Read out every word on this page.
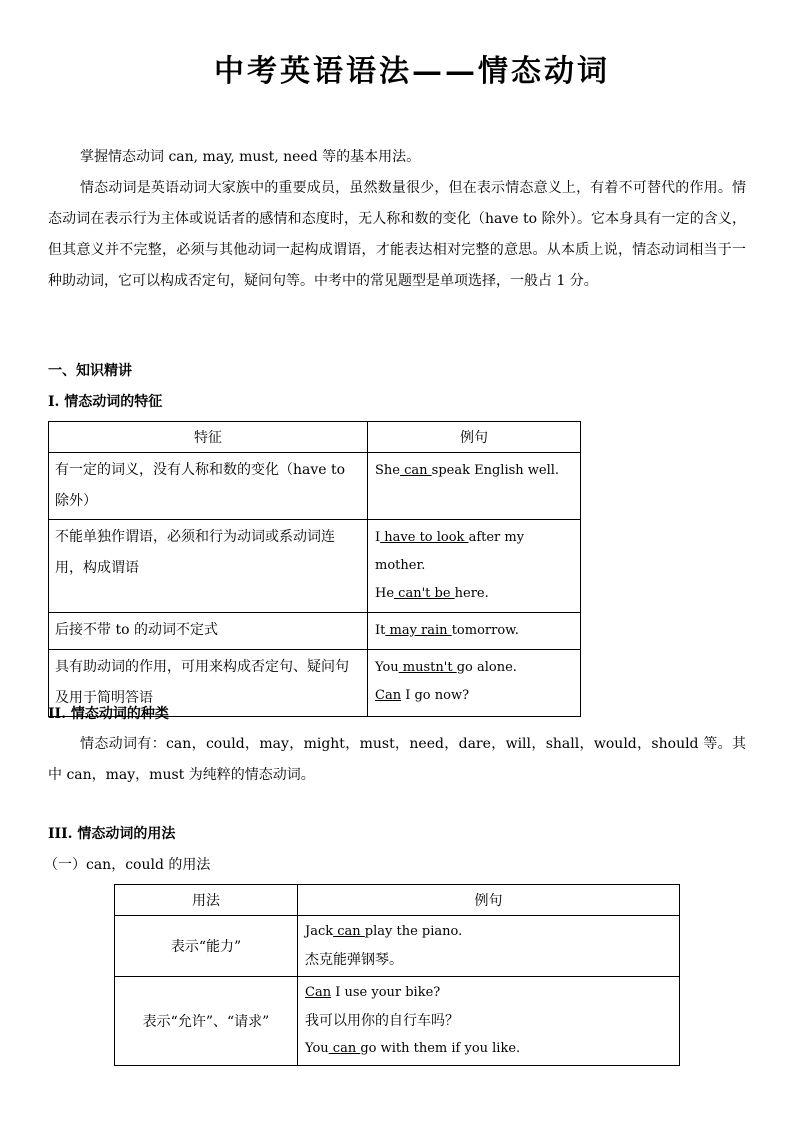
中考英语语法——情态动词

掌握情态动词 can, may, must, need 等的基本用法。

情态动词是英语动词大家族中的重要成员，虽然数量很少，但在表示情态意义上，有着不可替代的作用。情态动词在表示行为主体或说话者的感情和态度时，无人称和数的变化（have to 除外）。它本身具有一定的含义，但其意义并不完整，必须与其他动词一起构成谓语，才能表达相对完整的意思。从本质上说，情态动词相当于一种助动词，它可以构成否定句，疑问句等。中考中的常见题型是单项选择，一般占 1 分。

一、知识精讲

I. 情态动词的特征

特征	例句
有一定的词义，没有人称和数的变化（have to 除外）	She can speak English well.
不能单独作谓语，必须和行为动词或系动词连用，构成谓语	I have to look after my mother.
He can't be here.

后接不带 to 的动词不定式	It may rain tomorrow.
具有助动词的作用，可用来构成否定句、疑问句及用于简明答语	You mustn't go alone.
Can I go now?

II. 情态动词的种类

情态动词有：can，could，may，might，must，need，dare，will，shall，would，should 等。其中 can，may，must 为纯粹的情态动词。

III. 情态动词的用法

（一）can，could 的用法

用法	例句
表示“能力”	Jack can play the piano.
杰克能弹钢琴。

表示“允许”、“请求”	Can I use your bike?
我可以用你的自行车吗？
You can go with them if you like.
